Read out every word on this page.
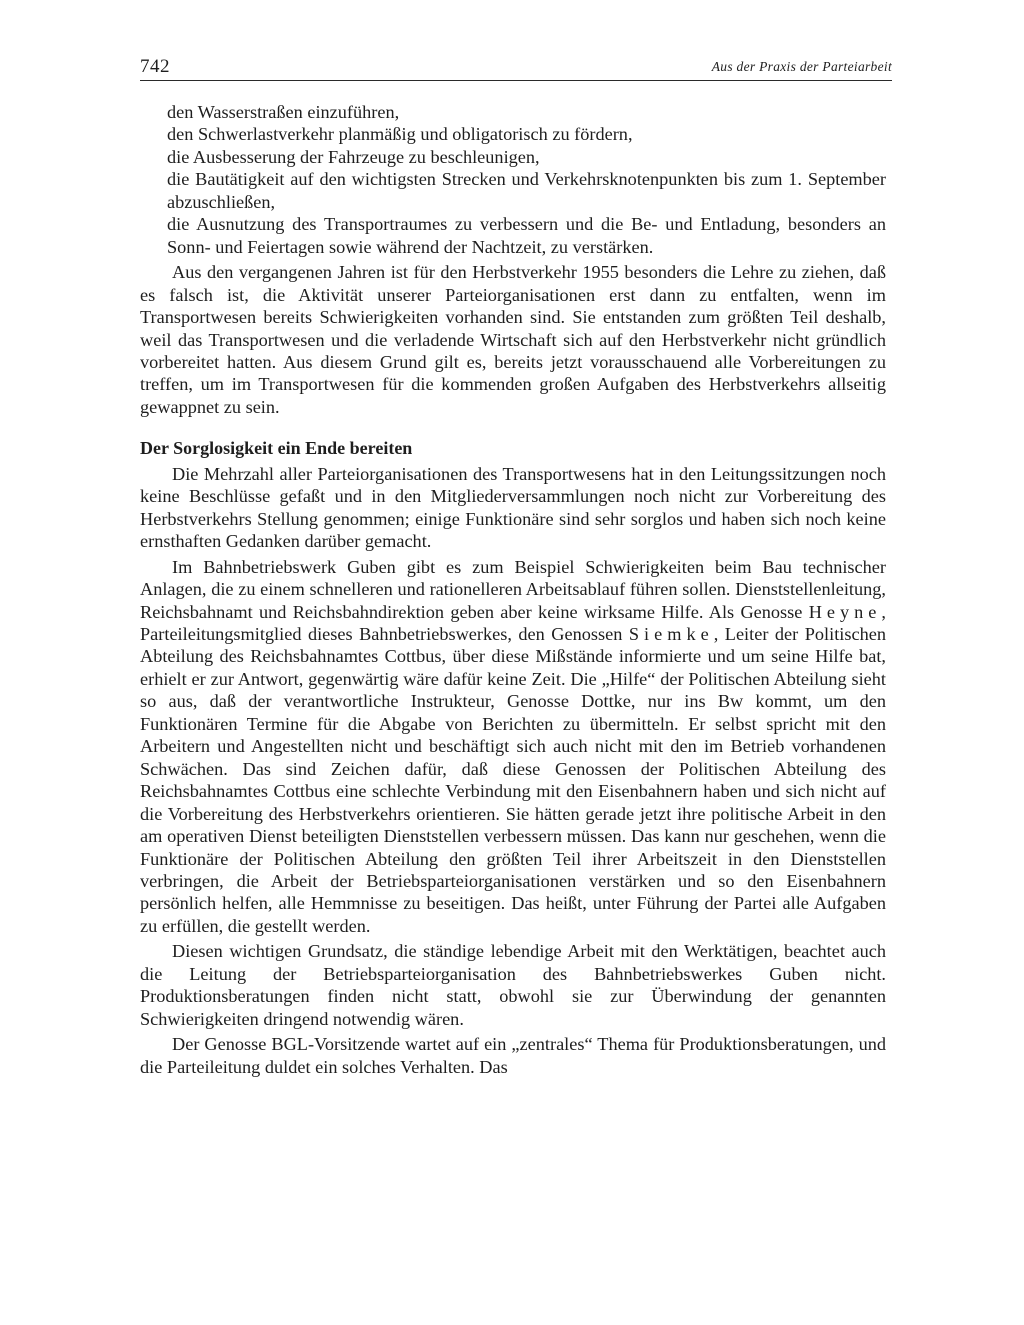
742	Aus der Praxis der Parteiarbeit

den Wasserstraßen einzuführen,

den Schwerlastverkehr planmäßig und obligatorisch zu fördern,

die Ausbesserung der Fahrzeuge zu beschleunigen,

die Bautätigkeit auf den wichtigsten Strecken und Verkehrsknotenpunkten bis zum 1. September abzuschließen,

die Ausnutzung des Transportraumes zu verbessern und die Be- und Entladung, besonders an Sonn- und Feiertagen sowie während der Nachtzeit, zu verstärken.

Aus den vergangenen Jahren ist für den Herbstverkehr 1955 besonders die Lehre zu ziehen, daß es falsch ist, die Aktivität unserer Parteiorganisationen erst dann zu entfalten, wenn im Transportwesen bereits Schwierigkeiten vorhanden sind. Sie entstanden zum größten Teil deshalb, weil das Transportwesen und die verladende Wirtschaft sich auf den Herbstverkehr nicht gründlich vorbereitet hatten. Aus diesem Grund gilt es, bereits jetzt vorausschauend alle Vorbereitungen zu treffen, um im Transportwesen für die kommenden großen Aufgaben des Herbstverkehrs allseitig gewappnet zu sein.

Der Sorglosigkeit ein Ende bereiten

Die Mehrzahl aller Parteiorganisationen des Transportwesens hat in den Leitungssitzungen noch keine Beschlüsse gefaßt und in den Mitgliederversammlungen noch nicht zur Vorbereitung des Herbstverkehrs Stellung genommen; einige Funktionäre sind sehr sorglos und haben sich noch keine ernsthaften Gedanken darüber gemacht.

Im Bahnbetriebswerk Guben gibt es zum Beispiel Schwierigkeiten beim Bau technischer Anlagen, die zu einem schnelleren und rationelleren Arbeitsablauf führen sollen. Dienststellenleitung, Reichsbahnamt und Reichsbahndirektion geben aber keine wirksame Hilfe. Als Genosse Heyne, Parteileitungsmitglied dieses Bahnbetriebswerkes, den Genossen Siemke, Leiter der Politischen Abteilung des Reichsbahnamtes Cottbus, über diese Mißstände informierte und um seine Hilfe bat, erhielt er zur Antwort, gegenwärtig wäre dafür keine Zeit. Die „Hilfe“ der Politischen Abteilung sieht so aus, daß der verantwortliche Instrukteur, Genosse Dottke, nur ins Bw kommt, um den Funktionären Termine für die Abgabe von Berichten zu übermitteln. Er selbst spricht mit den Arbeitern und Angestellten nicht und beschäftigt sich auch nicht mit den im Betrieb vorhandenen Schwächen. Das sind Zeichen dafür, daß diese Genossen der Politischen Abteilung des Reichsbahnamtes Cottbus eine schlechte Verbindung mit den Eisenbahnern haben und sich nicht auf die Vorbereitung des Herbstverkehrs orientieren. Sie hätten gerade jetzt ihre politische Arbeit in den am operativen Dienst beteiligten Dienststellen verbessern müssen. Das kann nur geschehen, wenn die Funktionäre der Politischen Abteilung den größten Teil ihrer Arbeitszeit in den Dienststellen verbringen, die Arbeit der Betriebsparteiorganisationen verstärken und so den Eisenbahnern persönlich helfen, alle Hemmnisse zu beseitigen. Das heißt, unter Führung der Partei alle Aufgaben zu erfüllen, die gestellt werden.

Diesen wichtigen Grundsatz, die ständige lebendige Arbeit mit den Werktätigen, beachtet auch die Leitung der Betriebsparteiorganisation des Bahnbetriebswerkes Guben nicht. Produktionsberatungen finden nicht statt, obwohl sie zur Überwindung der genannten Schwierigkeiten dringend notwendig wären.

Der Genosse BGL-Vorsitzende wartet auf ein „zentrales“ Thema für Produktionsberatungen, und die Parteileitung duldet ein solches Verhalten. Das
